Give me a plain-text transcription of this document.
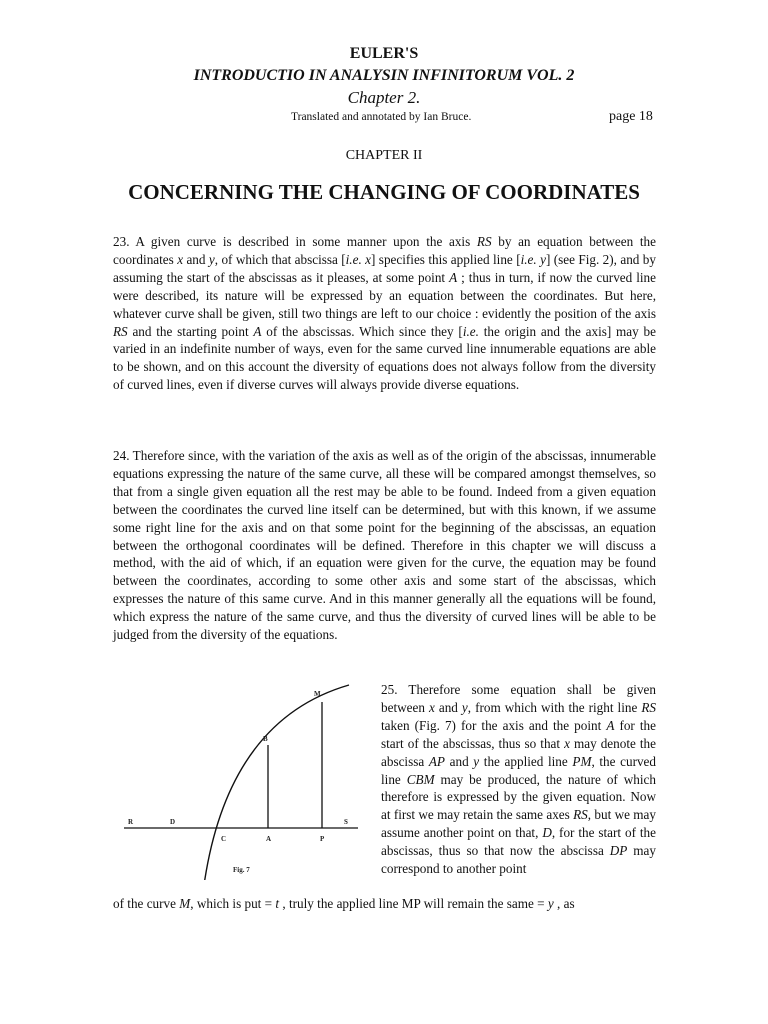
EULER'S
INTRODUCTIO IN ANALYSIN INFINITORUM VOL. 2
Chapter 2.
Translated and annotated by Ian Bruce.	page 18
CHAPTER II
CONCERNING THE CHANGING OF COORDINATES

23. A given curve is described in some manner upon the axis RS by an equation between the coordinates x and y, of which that abscissa [i.e. x] specifies this applied line [i.e. y] (see Fig. 2), and by assuming the start of the abscissas as it pleases, at some point A ; thus in turn, if now the curved line were described, its nature will be expressed by an equation between the coordinates. But here, whatever curve shall be given, still two things are left to our choice : evidently the position of the axis RS and the starting point A of the abscissas. Which since they [i.e. the origin and the axis] may be varied in an indefinite number of ways, even for the same curved line innumerable equations are able to be shown, and on this account the diversity of equations does not always follow from the diversity of curved lines, even if diverse curves will always provide diverse equations.

24. Therefore since, with the variation of the axis as well as of the origin of the abscissas, innumerable equations expressing the nature of the same curve, all these will be compared amongst themselves, so that from a single given equation all the rest may be able to be found. Indeed from a given equation between the coordinates the curved line itself can be determined, but with this known, if we assume some right line for the axis and on that some point for the beginning of the abscissas, an equation between the orthogonal coordinates will be defined. Therefore in this chapter we will discuss a method, with the aid of which, if an equation were given for the curve, the equation may be found between the coordinates, according to some other axis and some start of the abscissas, which expresses the nature of this same curve. And in this manner generally all the equations will be found, which express the nature of the same curve, and thus the diversity of curved lines will be able to be judged from the diversity of the equations.

R	D
C	A	P
S
B
M
Fig. 7

25. Therefore some equation shall be given between x and y, from which with the right line RS taken (Fig. 7) for the axis and the point A for the start of the abscissas, thus so that x may denote the abscissa AP and y the applied line PM, the curved line CBM may be produced, the nature of which therefore is expressed by the given equation. Now at first we may retain the same axes RS, but we may assume another point on that, D, for the start of the abscissas, thus so that now the abscissa DP may correspond to another point

of the curve M, which is put = t , truly the applied line MP will remain the same = y , as
